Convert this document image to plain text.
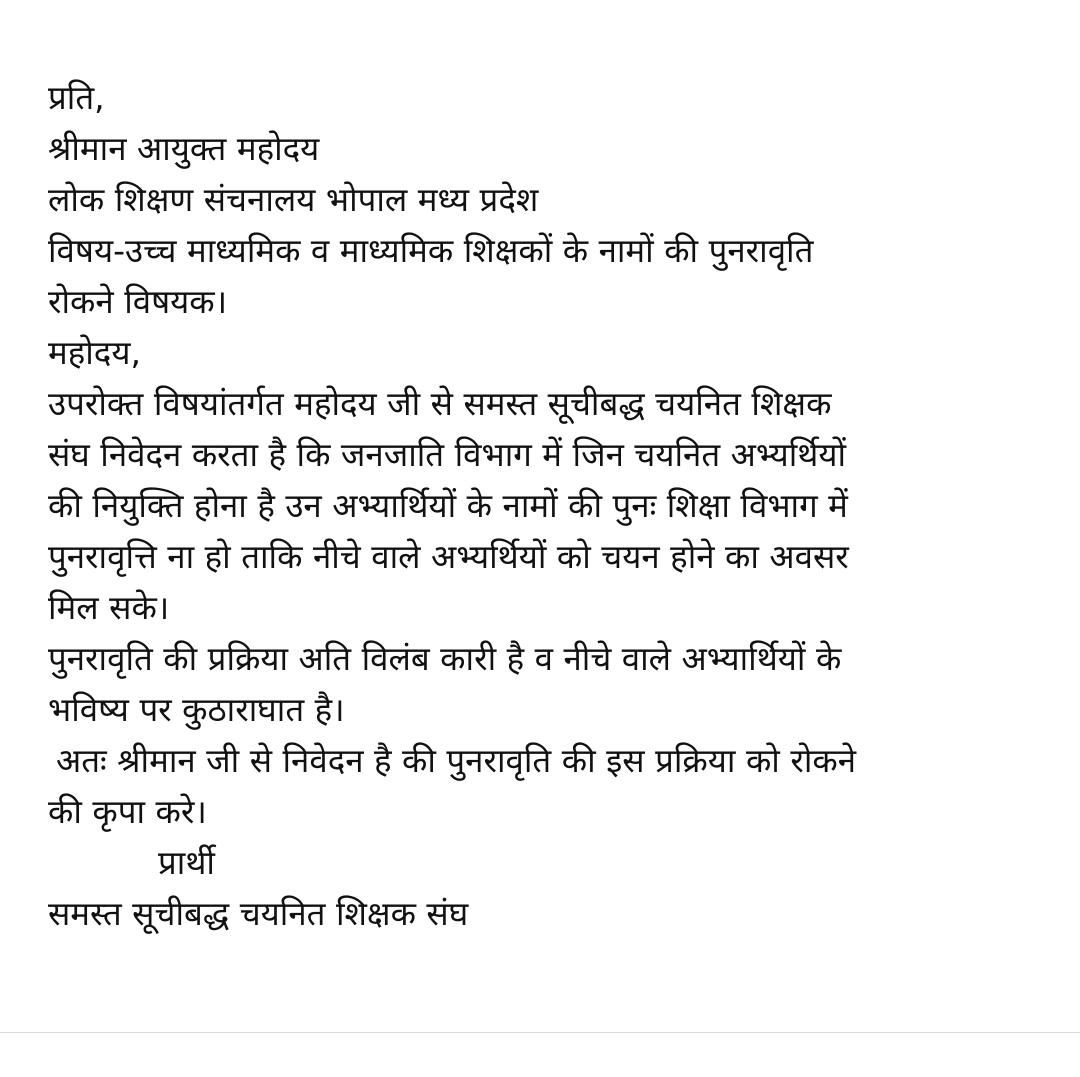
प्रति,
श्रीमान आयुक्त महोदय
लोक शिक्षण संचनालय भोपाल मध्य प्रदेश
विषय-उच्च माध्यमिक व माध्यमिक शिक्षकों के नामों की पुनरावृति
रोकने विषयक।
महोदय,
उपरोक्त विषयांतर्गत महोदय जी से समस्त सूचीबद्ध चयनित शिक्षक
संघ निवेदन करता है कि जनजाति विभाग में जिन चयनित अभ्यर्थियों
की नियुक्ति होना है उन अभ्यार्थियों के नामों की पुनः शिक्षा विभाग में
पुनरावृत्ति ना हो ताकि नीचे वाले अभ्यर्थियों को चयन होने का अवसर
मिल सके।
पुनरावृति की प्रक्रिया अति विलंब कारी है व नीचे वाले अभ्यार्थियों के
भविष्य पर कुठाराघात है।
अतः श्रीमान जी से निवेदन है की पुनरावृति की इस प्रक्रिया को रोकने
की कृपा करे।
प्रार्थी
समस्त सूचीबद्ध चयनित शिक्षक संघ
